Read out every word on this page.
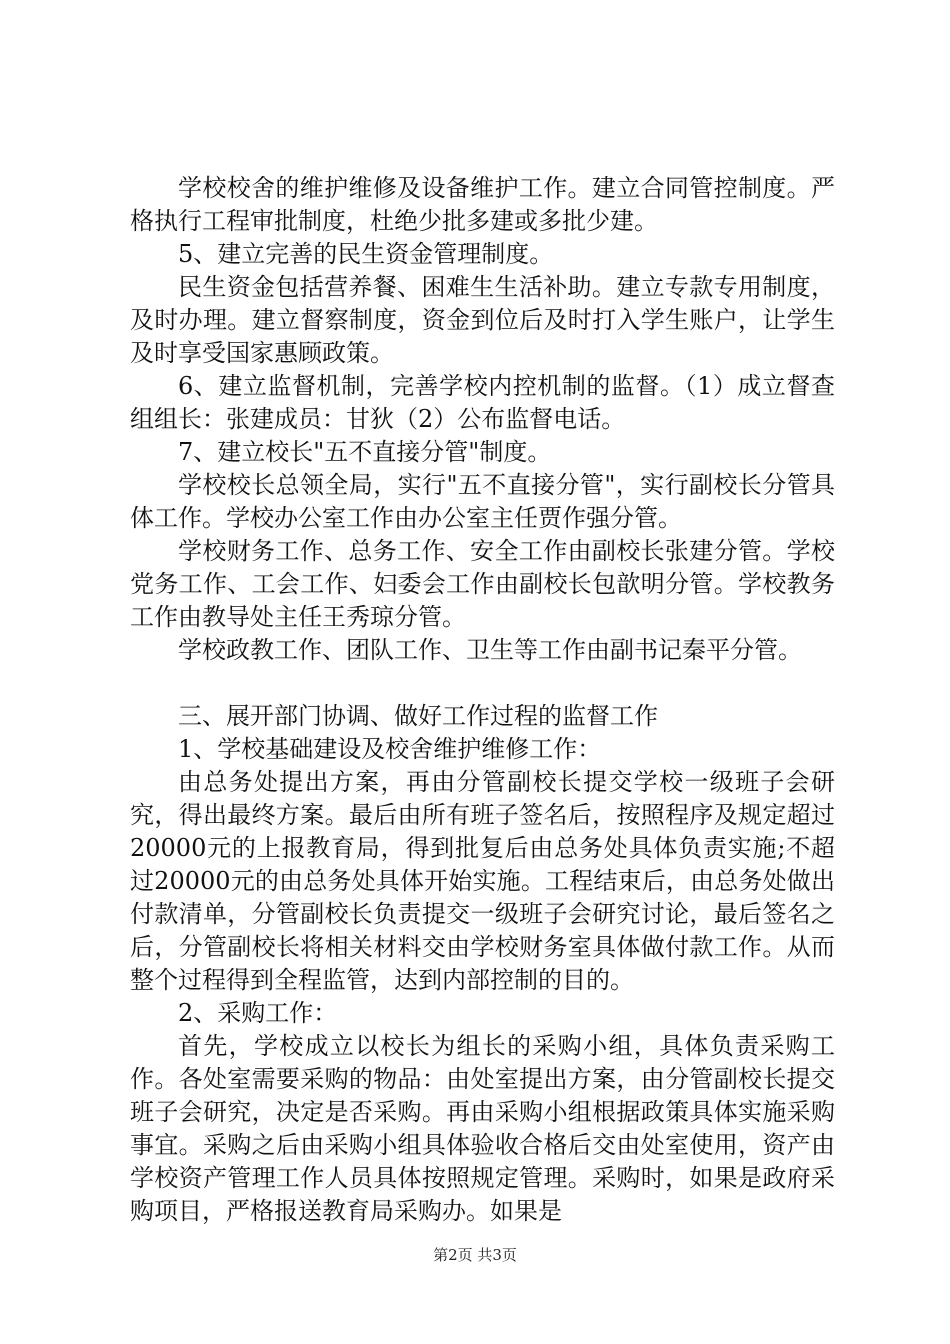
学校校舍的维护维修及设备维护工作。建立合同管控制度。严格执行工程审批制度，杜绝少批多建或多批少建。

5、建立完善的民生资金管理制度。

民生资金包括营养餐、困难生生活补助。建立专款专用制度，及时办理。建立督察制度，资金到位后及时打入学生账户，让学生及时享受国家惠顾政策。

6、建立监督机制，完善学校内控机制的监督。（1）成立督查组组长：张建成员：甘狄（2）公布监督电话。

7、建立校长"五不直接分管"制度。

学校校长总领全局，实行"五不直接分管"，实行副校长分管具体工作。学校办公室工作由办公室主任贾作强分管。

学校财务工作、总务工作、安全工作由副校长张建分管。学校党务工作、工会工作、妇委会工作由副校长包歆明分管。学校教务工作由教导处主任王秀琼分管。

学校政教工作、团队工作、卫生等工作由副书记秦平分管。

三、展开部门协调、做好工作过程的监督工作

1、学校基础建设及校舍维护维修工作：

由总务处提出方案，再由分管副校长提交学校一级班子会研究，得出最终方案。最后由所有班子签名后，按照程序及规定超过20000元的上报教育局，得到批复后由总务处具体负责实施;不超过20000元的由总务处具体开始实施。工程结束后，由总务处做出付款清单，分管副校长负责提交一级班子会研究讨论，最后签名之后，分管副校长将相关材料交由学校财务室具体做付款工作。从而整个过程得到全程监管，达到内部控制的目的。

2、采购工作：

首先，学校成立以校长为组长的采购小组，具体负责采购工作。各处室需要采购的物品：由处室提出方案，由分管副校长提交班子会研究，决定是否采购。再由采购小组根据政策具体实施采购事宜。采购之后由采购小组具体验收合格后交由处室使用，资产由学校资产管理工作人员具体按照规定管理。采购时，如果是政府采购项目，严格报送教育局采购办。如果是

第2页 共3页
